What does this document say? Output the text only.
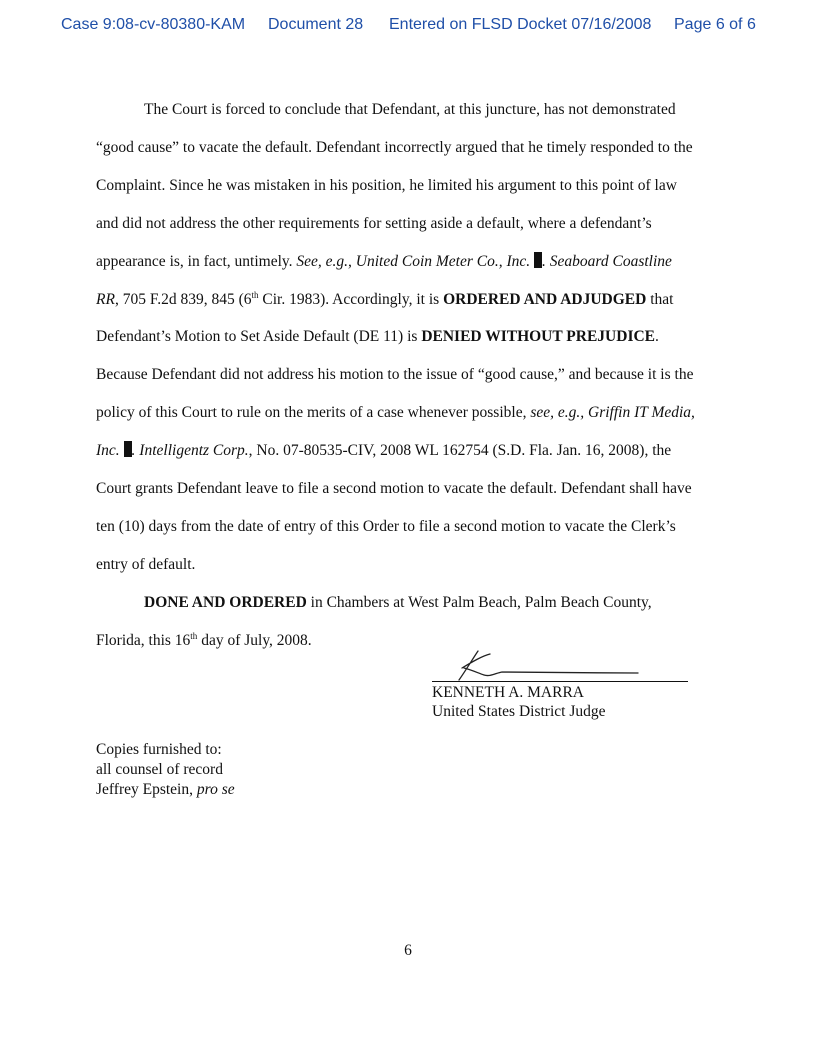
Case 9:08-cv-80380-KAM Document 28 Entered on FLSD Docket 07/16/2008 Page 6 of 6
The Court is forced to conclude that Defendant, at this juncture, has not demonstrated
“good cause” to vacate the default. Defendant incorrectly argued that he timely responded to the
Complaint. Since he was mistaken in his position, he limited his argument to this point of law
and did not address the other requirements for setting aside a default, where a defendant’s
appearance is, in fact, untimely. See, e.g., United Coin Meter Co., Inc. . Seaboard Coastline
RR, 705 F.2d 839, 845 (6th Cir. 1983). Accordingly, it is ORDERED AND ADJUDGED that
Defendant’s Motion to Set Aside Default (DE 11) is DENIED WITHOUT PREJUDICE.
Because Defendant did not address his motion to the issue of “good cause,” and because it is the
policy of this Court to rule on the merits of a case whenever possible, see, e.g., Griffin IT Media,
Inc. . Intelligentz Corp., No. 07-80535-CIV, 2008 WL 162754 (S.D. Fla. Jan. 16, 2008), the
Court grants Defendant leave to file a second motion to vacate the default. Defendant shall have
ten (10) days from the date of entry of this Order to file a second motion to vacate the Clerk’s
entry of default.
DONE AND ORDERED in Chambers at West Palm Beach, Palm Beach County,
Florida, this 16th day of July, 2008.
KENNETH A. MARRA
United States District Judge
Copies furnished to:
all counsel of record
Jeffrey Epstein, pro se
6
